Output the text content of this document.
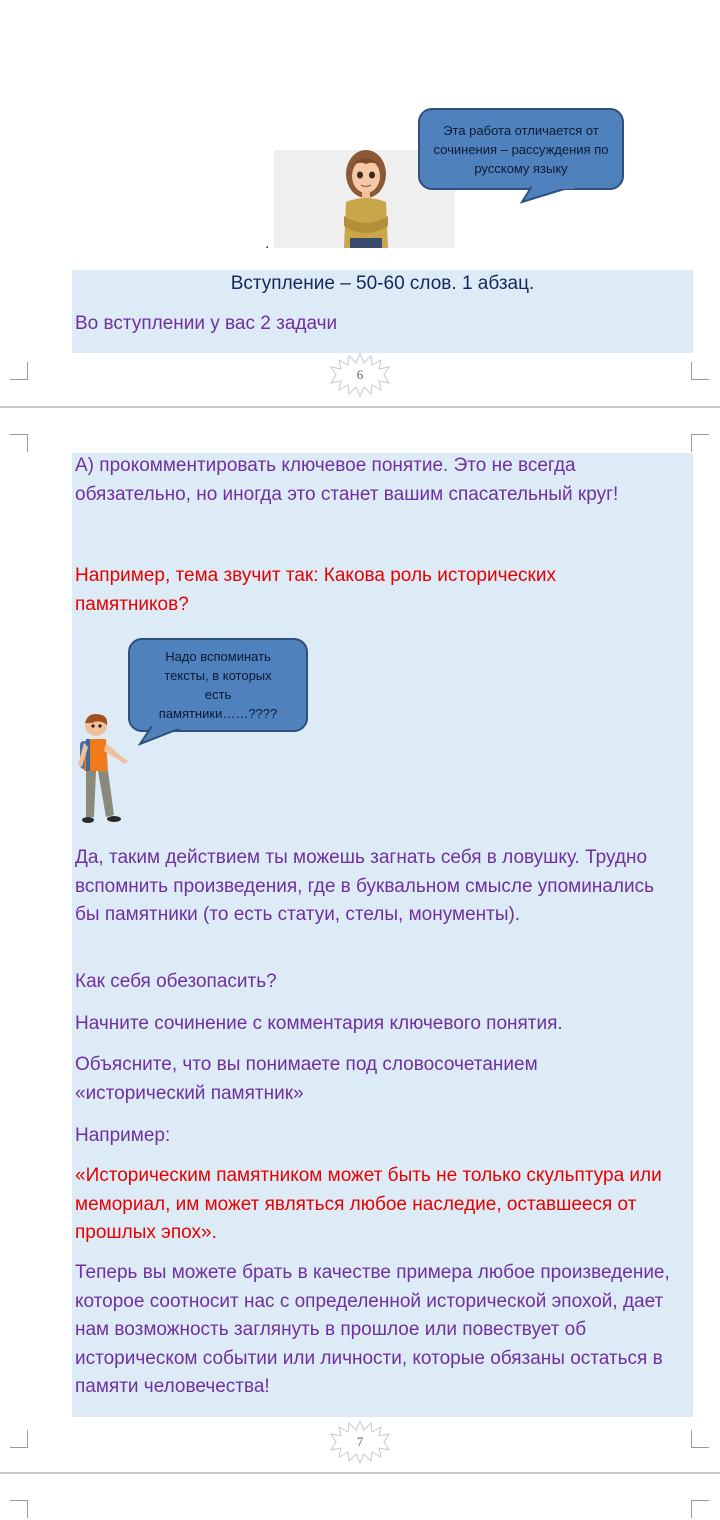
Эта работа отличается от сочинения – рассуждения по русскому языку
.
Вступление – 50-60 слов. 1 абзац.
Во вступлении у вас 2 задачи
6
А) прокомментировать ключевое понятие. Это не всегда обязательно, но иногда это станет вашим спасательный круг!
Например, тема звучит так: Какова роль исторических памятников?
Надо вспоминать тексты, в которых есть памятники……????
Да, таким действием ты можешь загнать себя в ловушку. Трудно вспомнить произведения, где в буквальном смысле упоминались бы памятники (то есть статуи, стелы, монументы).
Как себя обезопасить?
Начните сочинение с комментария ключевого понятия.
Объясните, что вы понимаете под словосочетанием «исторический памятник»
Например:
«Историческим памятником может быть не только скульптура или мемориал, им может являться любое наследие, оставшееся от прошлых эпох».
Теперь вы можете брать в качестве примера любое произведение, которое соотносит нас с определенной исторической эпохой, дает нам возможность заглянуть в прошлое или повествует об историческом событии или личности, которые обязаны остаться в памяти человечества!
7
